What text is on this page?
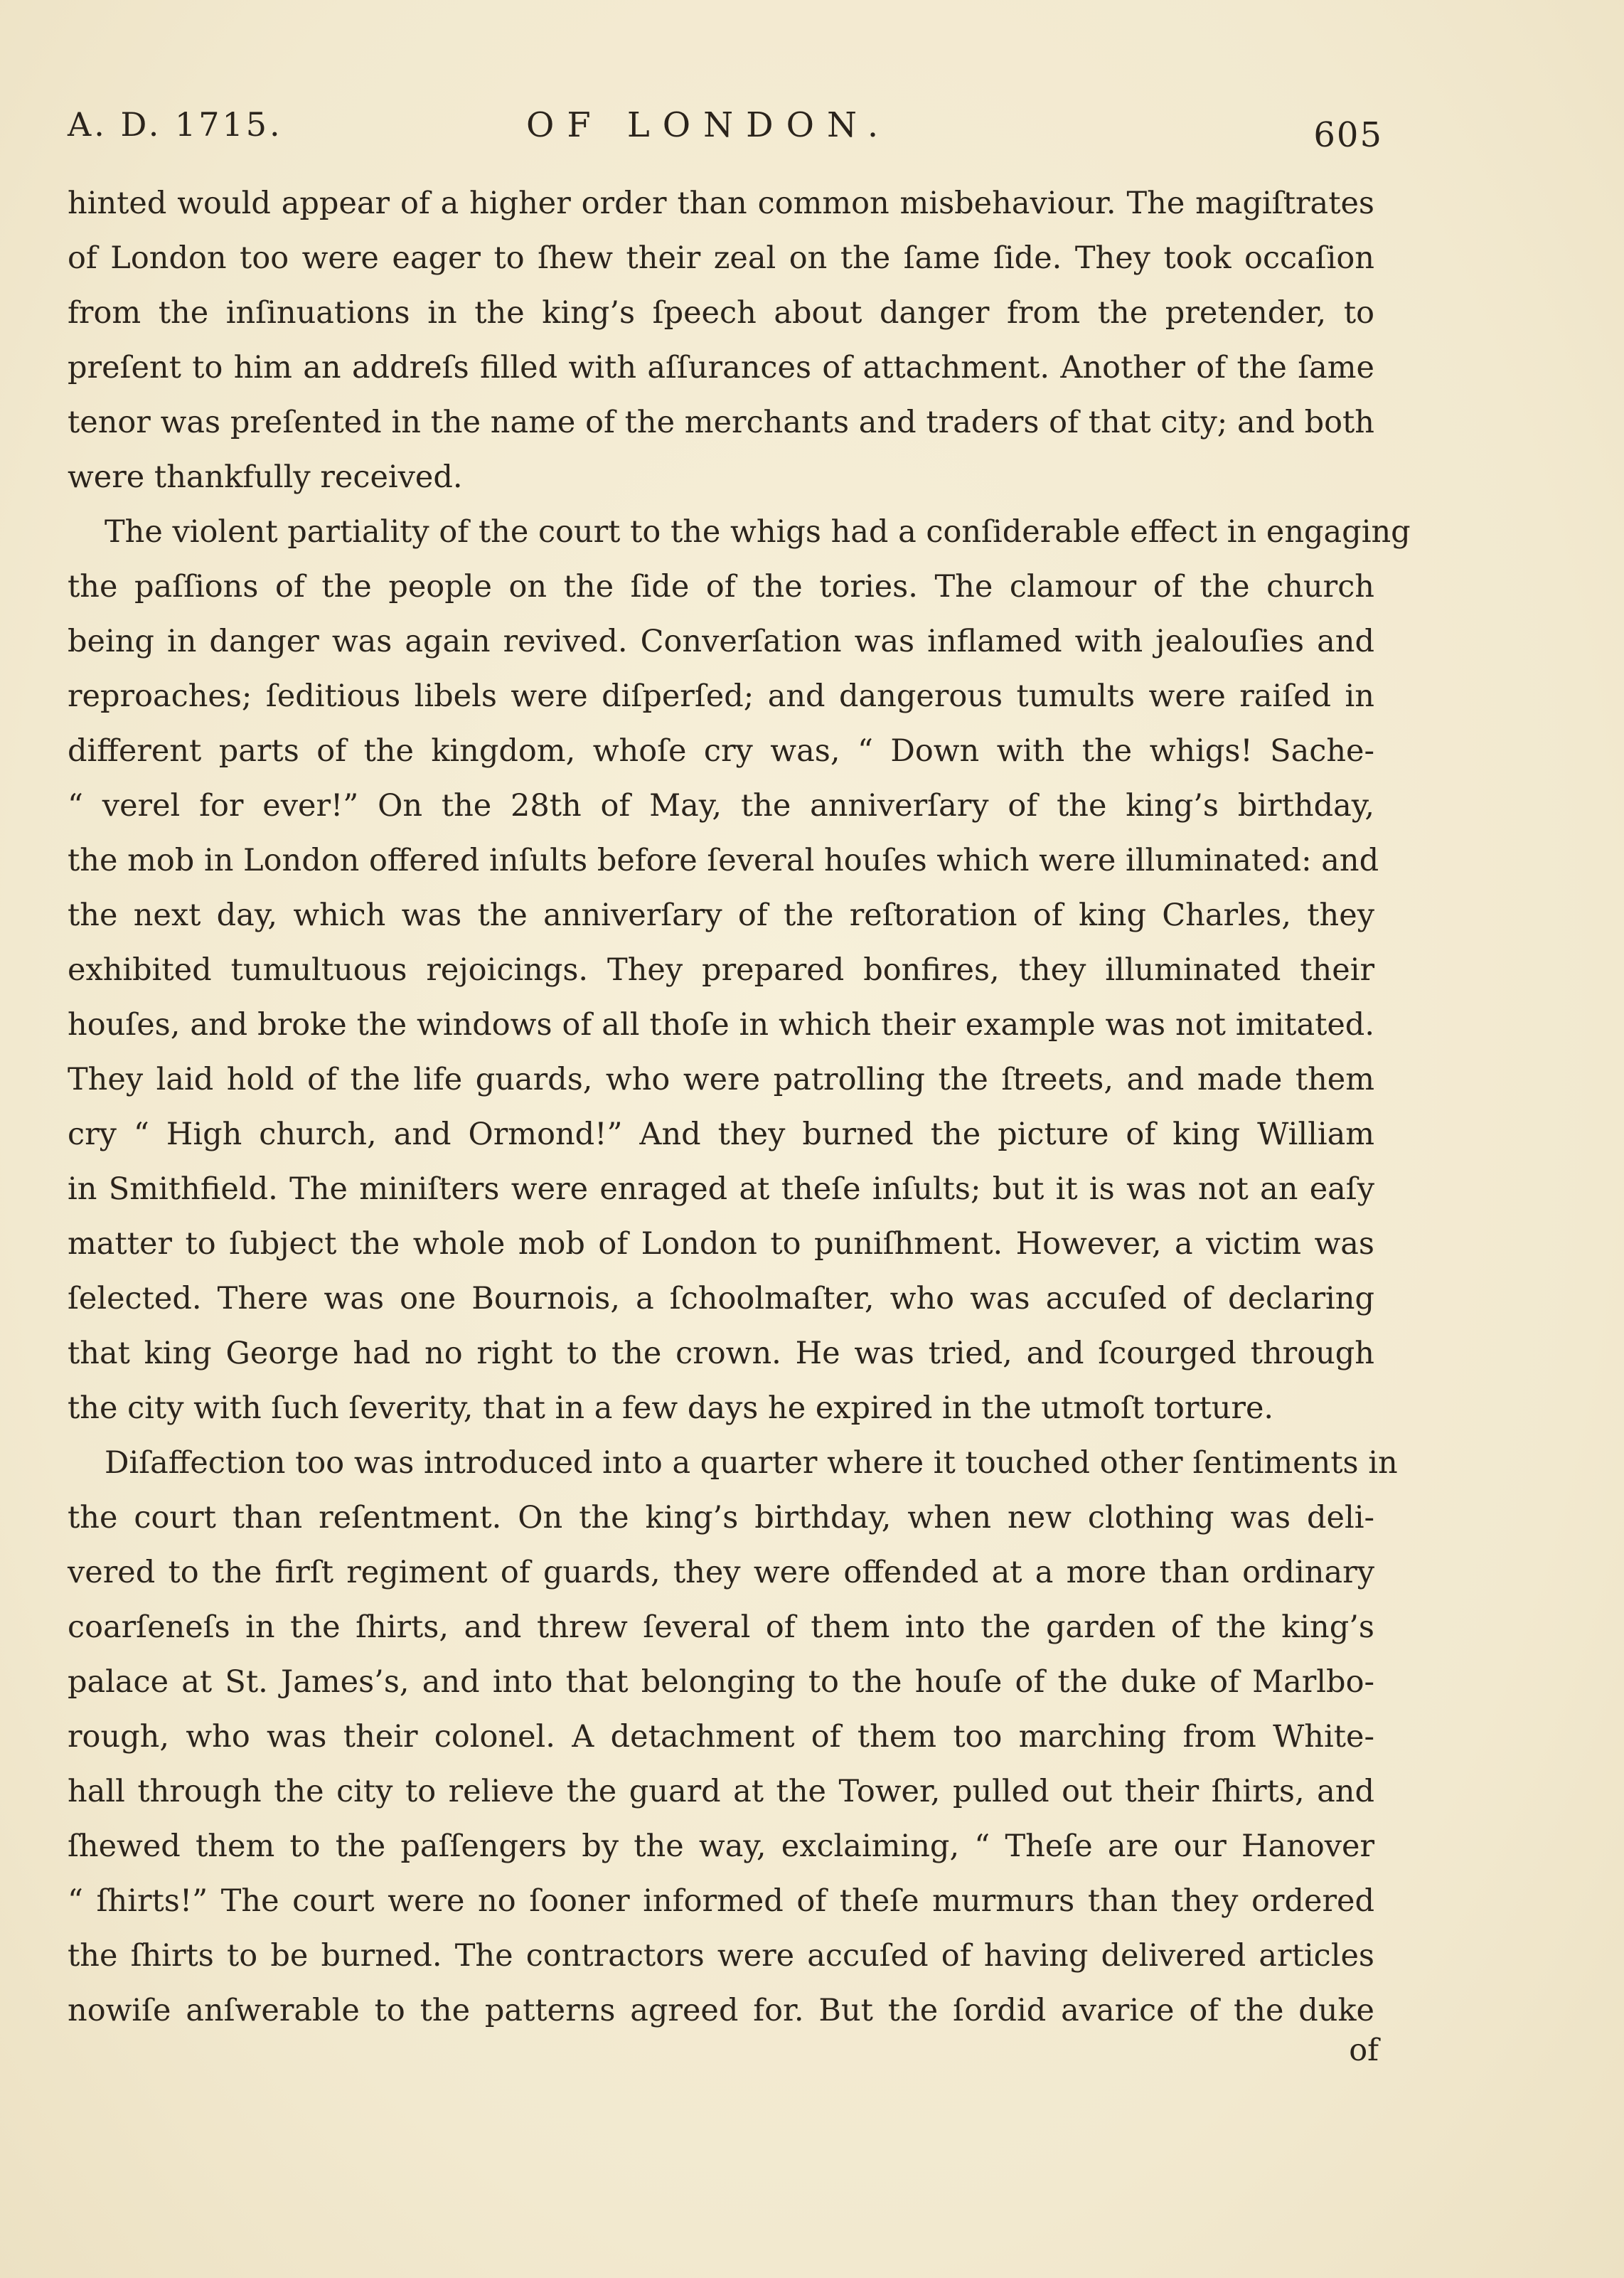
A. D. 1715.	OF LONDON.	605
hinted would appear of a higher order than common misbehaviour. The magiſtrates
of London too were eager to ſhew their zeal on the ſame ſide. They took occaſion
from the inſinuations in the king’s ſpeech about danger from the pretender, to
preſent to him an addreſs filled with aſſurances of attachment. Another of the ſame
tenor was preſented in the name of the merchants and traders of that city; and both
were thankfully received.
The violent partiality of the court to the whigs had a conſiderable effect in engaging
the paſſions of the people on the ſide of the tories. The clamour of the church
being in danger was again revived. Converſation was inflamed with jealouſies and
reproaches; ſeditious libels were diſperſed; and dangerous tumults were raiſed in
different parts of the kingdom, whoſe cry was, “ Down with the whigs! Sache-
“ verel for ever!” On the 28th of May, the anniverſary of the king’s birthday,
the mob in London offered inſults before ſeveral houſes which were illuminated: and
the next day, which was the anniverſary of the reſtoration of king Charles, they
exhibited tumultuous rejoicings. They prepared bonfires, they illuminated their
houſes, and broke the windows of all thoſe in which their example was not imitated.
They laid hold of the life guards, who were patrolling the ſtreets, and made them
cry “ High church, and Ormond!” And they burned the picture of king William
in Smithfield. The miniſters were enraged at theſe inſults; but it is was not an eaſy
matter to ſubject the whole mob of London to puniſhment. However, a victim was
ſelected. There was one Bournois, a ſchoolmaſter, who was accuſed of declaring
that king George had no right to the crown. He was tried, and ſcourged through
the city with ſuch ſeverity, that in a few days he expired in the utmoſt torture.
Diſaffection too was introduced into a quarter where it touched other ſentiments in
the court than reſentment. On the king’s birthday, when new clothing was deli-
vered to the firſt regiment of guards, they were offended at a more than ordinary
coarſeneſs in the ſhirts, and threw ſeveral of them into the garden of the king’s
palace at St. James’s, and into that belonging to the houſe of the duke of Marlbo-
rough, who was their colonel. A detachment of them too marching from White-
hall through the city to relieve the guard at the Tower, pulled out their ſhirts, and
ſhewed them to the paſſengers by the way, exclaiming, “ Theſe are our Hanover
“ ſhirts!” The court were no ſooner informed of theſe murmurs than they ordered
the ſhirts to be burned. The contractors were accuſed of having delivered articles
nowiſe anſwerable to the patterns agreed for. But the ſordid avarice of the duke
of
